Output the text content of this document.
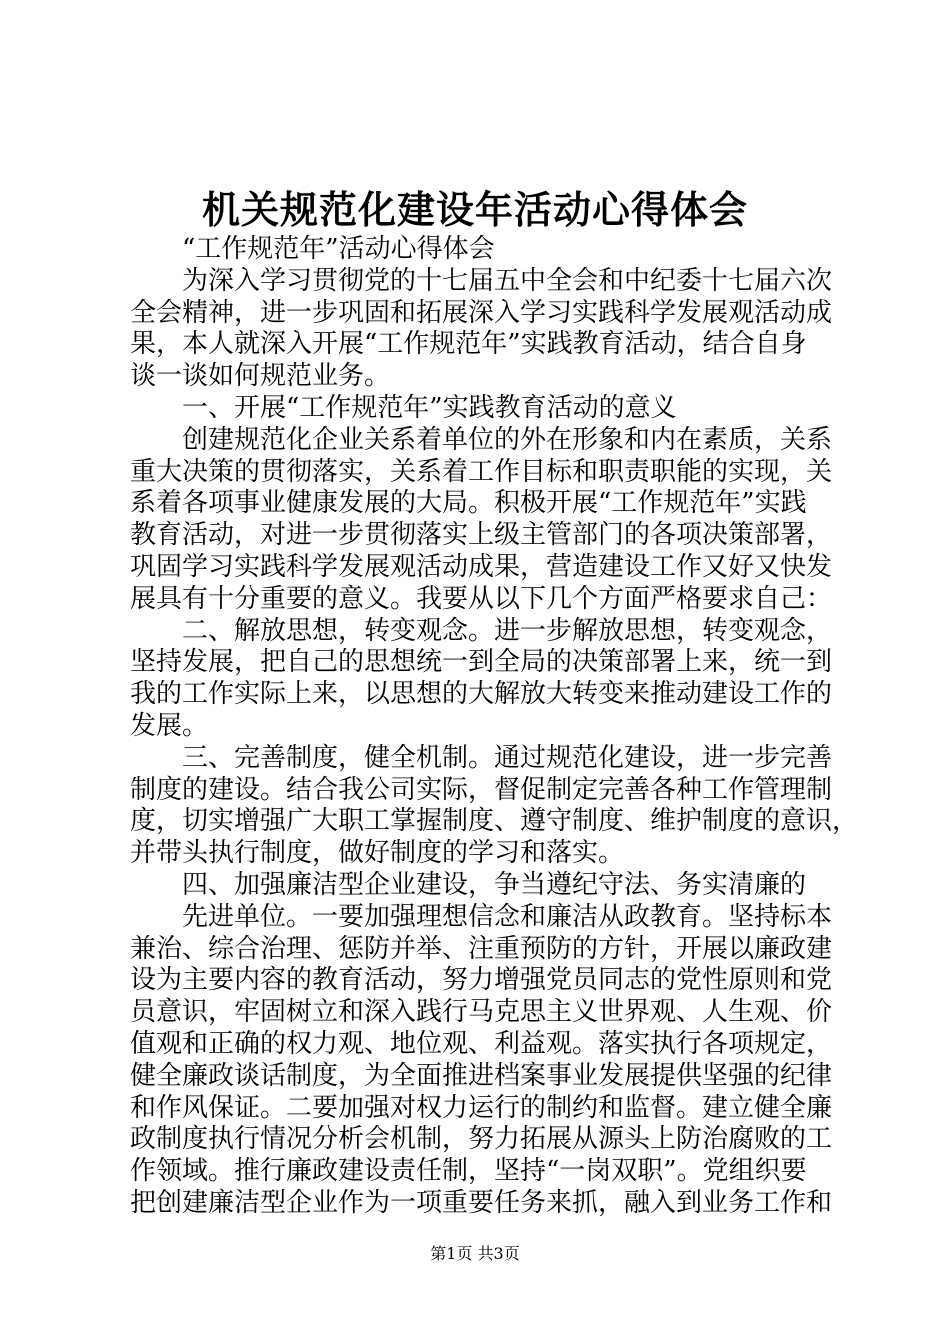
机关规范化建设年活动心得体会
“工作规范年”活动心得体会
为深入学习贯彻党的十七届五中全会和中纪委十七届六次
全会精神，进一步巩固和拓展深入学习实践科学发展观活动成
果，本人就深入开展“工作规范年”实践教育活动，结合自身
谈一谈如何规范业务。
一、开展“工作规范年”实践教育活动的意义
创建规范化企业关系着单位的外在形象和内在素质，关系
重大决策的贯彻落实，关系着工作目标和职责职能的实现，关
系着各项事业健康发展的大局。积极开展“工作规范年”实践
教育活动，对进一步贯彻落实上级主管部门的各项决策部署，
巩固学习实践科学发展观活动成果，营造建设工作又好又快发
展具有十分重要的意义。我要从以下几个方面严格要求自己：
二、解放思想，转变观念。进一步解放思想，转变观念，
坚持发展，把自己的思想统一到全局的决策部署上来，统一到
我的工作实际上来，以思想的大解放大转变来推动建设工作的
发展。
三、完善制度，健全机制。通过规范化建设，进一步完善
制度的建设。结合我公司实际，督促制定完善各种工作管理制
度，切实增强广大职工掌握制度、遵守制度、维护制度的意识，
并带头执行制度，做好制度的学习和落实。
四、加强廉洁型企业建设，争当遵纪守法、务实清廉的
先进单位。一要加强理想信念和廉洁从政教育。坚持标本
兼治、综合治理、惩防并举、注重预防的方针，开展以廉政建
设为主要内容的教育活动，努力增强党员同志的党性原则和党
员意识，牢固树立和深入践行马克思主义世界观、人生观、价
值观和正确的权力观、地位观、利益观。落实执行各项规定，
健全廉政谈话制度，为全面推进档案事业发展提供坚强的纪律
和作风保证。二要加强对权力运行的制约和监督。建立健全廉
政制度执行情况分析会机制，努力拓展从源头上防治腐败的工
作领域。推行廉政建设责任制，坚持“一岗双职”。党组织要
把创建廉洁型企业作为一项重要任务来抓，融入到业务工作和
第1页 共3页
